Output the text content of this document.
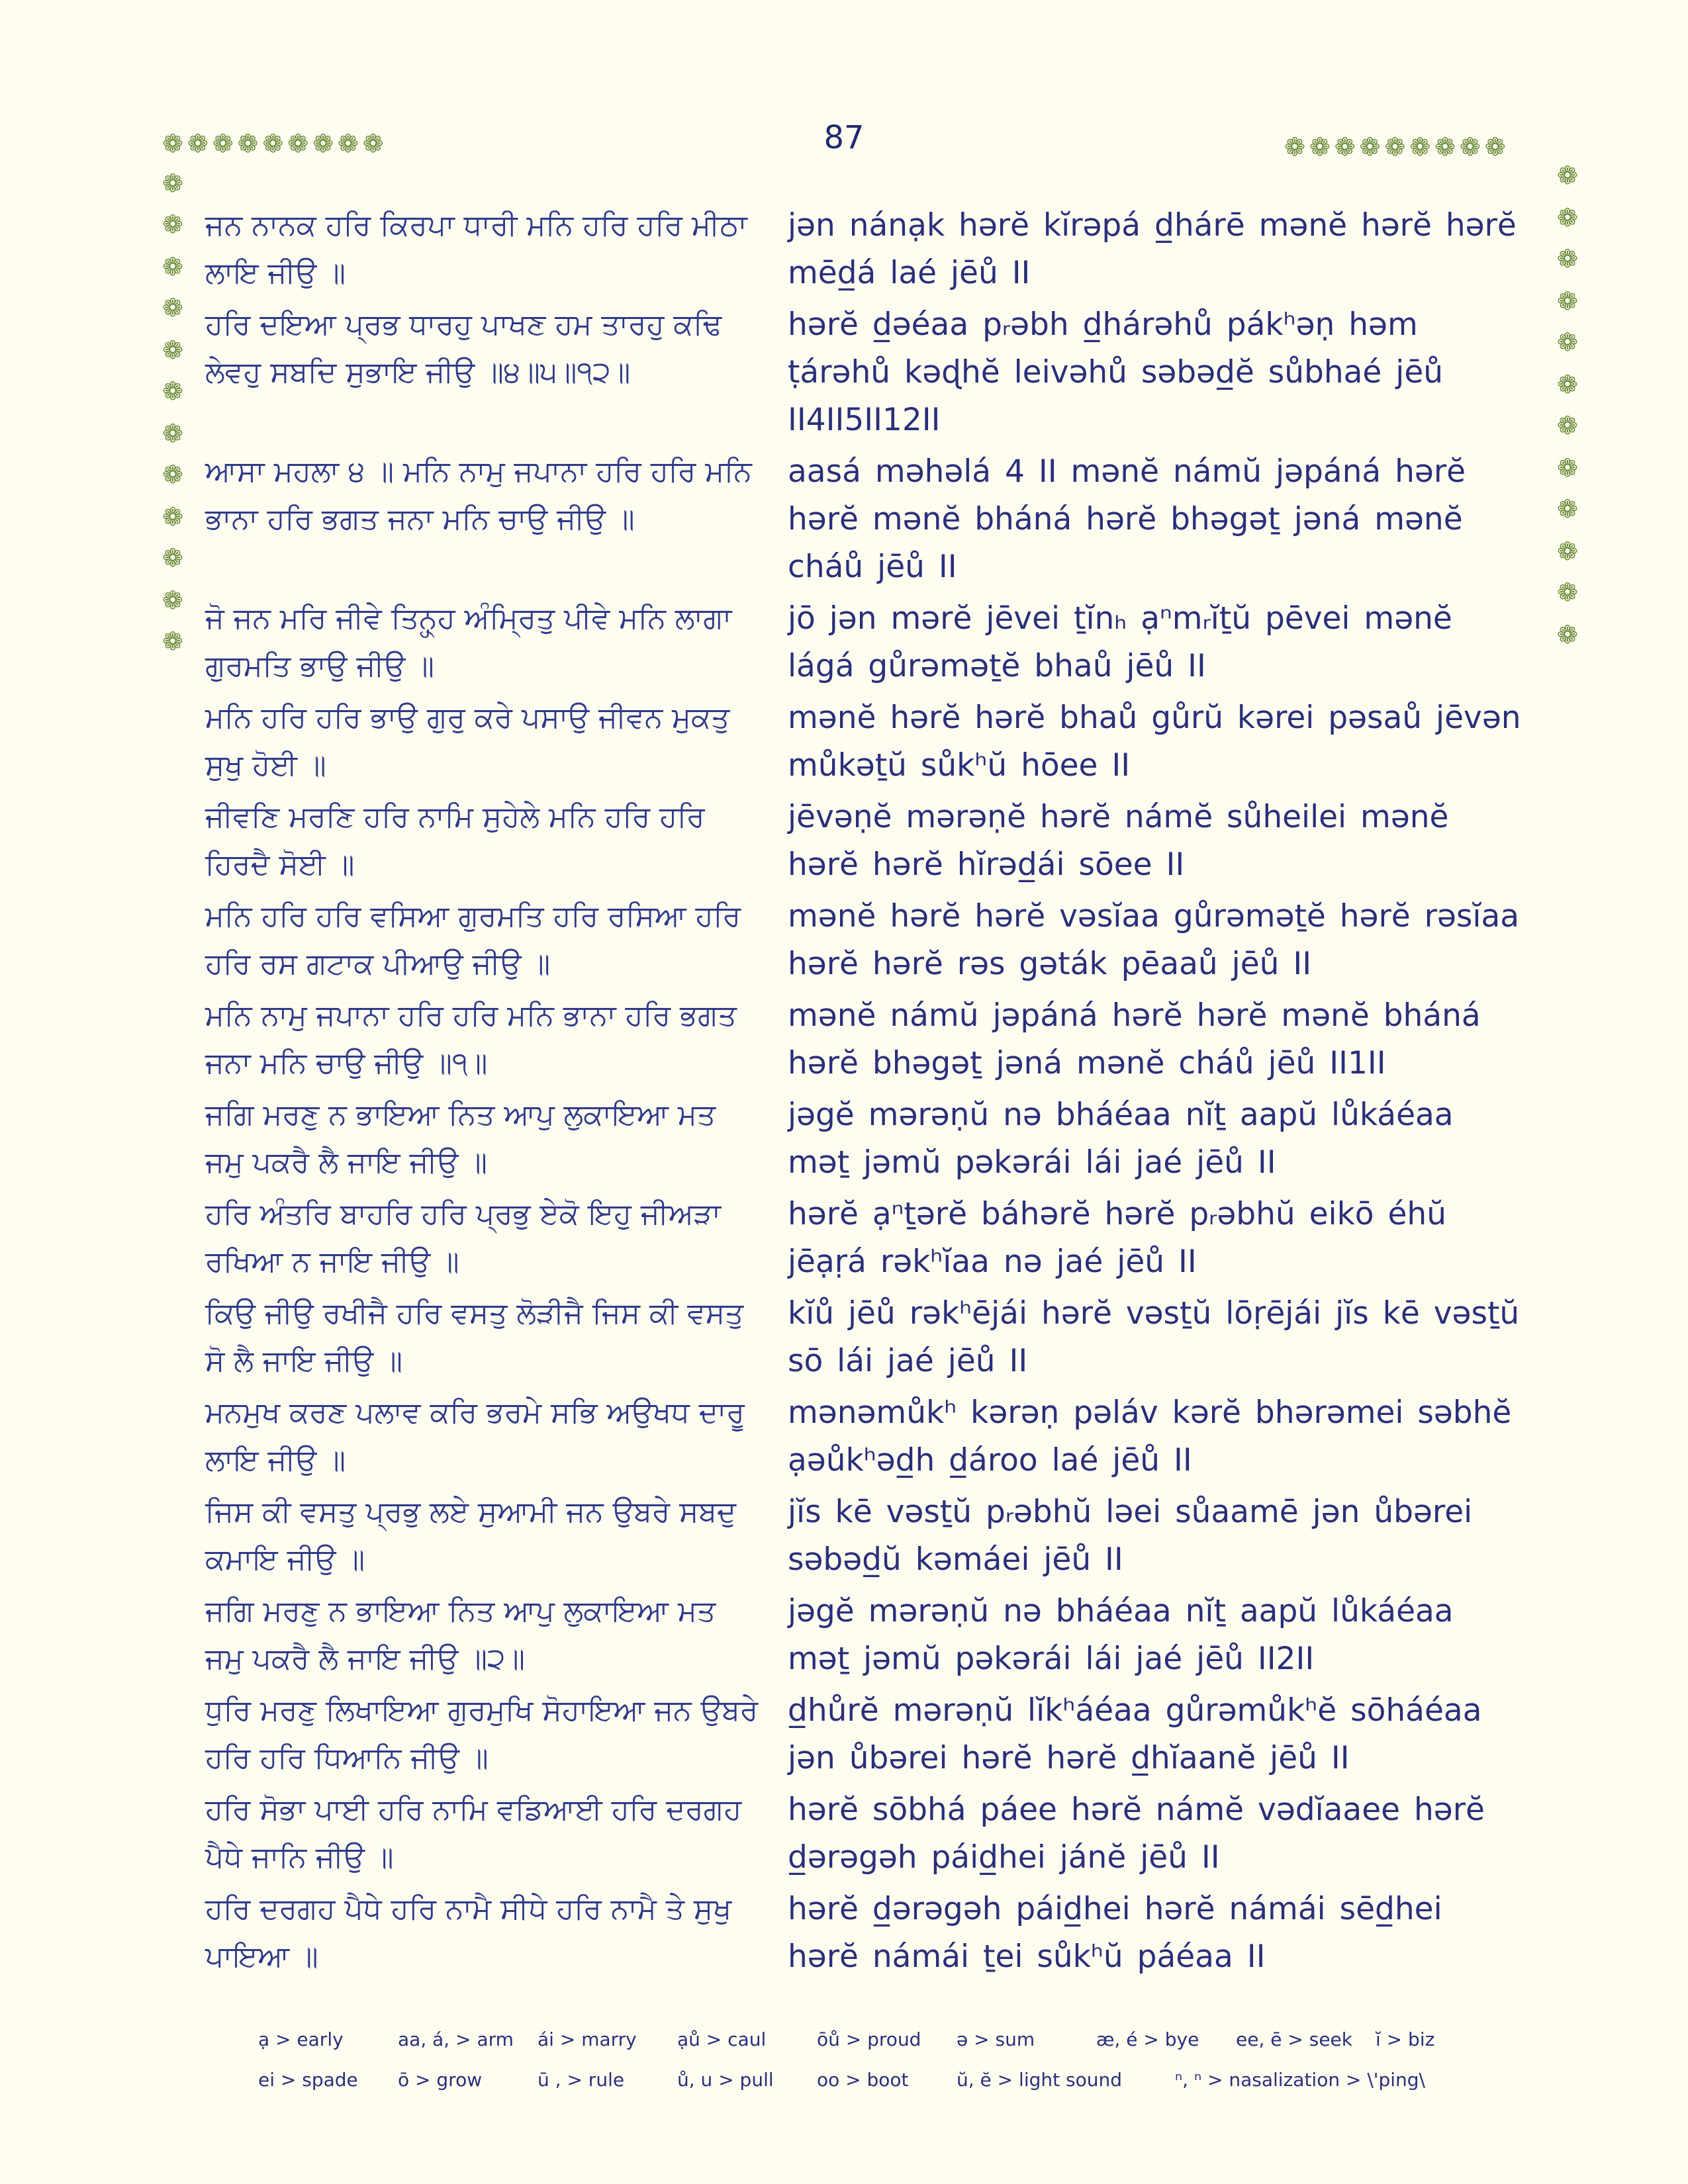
87
❁ ❁ ❁ ❁ ❁ ❁ ❁ ❁ ❁	❁ ❁ ❁ ❁ ❁ ❁ ❁ ❁ ❁
❁
❁
❁
❁
❁
❁
❁
❁
❁
❁
❁
❁
❁
❁
❁
❁
❁
❁
❁
❁
❁
❁
❁
❁
ਜਨ ਨਾਨਕ ਹਰਿ ਕਿਰਪਾ ਧਾਰੀ ਮਨਿ ਹਰਿ ਹਰਿ ਮੀਠਾ ਲਾਇ ਜੀਉ ॥
jən nánạk hərĕ kĭrəpá d̲hárē mənĕ hərĕ hərĕ mēd̲á laé jēů II
ਹਰਿ ਦਇਆ ਪ੍ਰਭ ਧਾਰਹੁ ਪਾਖਣ ਹਮ ਤਾਰਹੁ ਕਢਿ ਲੇਵਹੁ ਸਬਦਿ ਸੁਭਾਇ ਜੀਉ ॥੪॥੫॥੧੨॥
hərĕ d̲əéaa pᵣəbh d̲hárəhů pákʰəṇ həm ṭárəhů kəɖhĕ leivəhů səbəd̲ĕ sůbhaé jēů II4II5II12II
ਆਸਾ ਮਹਲਾ ੪ ॥ ਮਨਿ ਨਾਮੁ ਜਪਾਨਾ ਹਰਿ ਹਰਿ ਮਨਿ ਭਾਨਾ ਹਰਿ ਭਗਤ ਜਨਾ ਮਨਿ ਚਾਉ ਜੀਉ ॥
aasá məhəlá 4 II mənĕ námŭ jəpáná hərĕ hərĕ mənĕ bháná hərĕ bhəgəṯ jəná mənĕ cháů jēů II
ਜੋ ਜਨ ਮਰਿ ਜੀਵੇ ਤਿਨ੍ਹ੍ਹ ਅੰਮ੍ਰਿਤੁ ਪੀਵੇ ਮਨਿ ਲਾਗਾ ਗੁਰਮਤਿ ਭਾਉ ਜੀਉ ॥
jō jən mərĕ jēvei ṯĭnₕ ạⁿmᵣĭṯŭ pēvei mənĕ lágá gůrəməṯĕ bhaů jēů II
ਮਨਿ ਹਰਿ ਹਰਿ ਭਾਉ ਗੁਰੁ ਕਰੇ ਪਸਾਉ ਜੀਵਨ ਮੁਕਤੁ ਸੁਖੁ ਹੋਈ ॥
mənĕ hərĕ hərĕ bhaů gůrŭ kərei pəsaů jēvən můkəṯŭ sůkʰŭ hōee II
ਜੀਵਣਿ ਮਰਣਿ ਹਰਿ ਨਾਮਿ ਸੁਹੇਲੇ ਮਨਿ ਹਰਿ ਹਰਿ ਹਿਰਦੈ ਸੋਈ ॥
jēvəṇĕ mərəṇĕ hərĕ námĕ sůheilei mənĕ hərĕ hərĕ hĭrəd̲ái sōee II
ਮਨਿ ਹਰਿ ਹਰਿ ਵਸਿਆ ਗੁਰਮਤਿ ਹਰਿ ਰਸਿਆ ਹਰਿ ਹਰਿ ਰਸ ਗਟਾਕ ਪੀਆਉ ਜੀਉ ॥
mənĕ hərĕ hərĕ vəsĭaa gůrəməṯĕ hərĕ rəsĭaa hərĕ hərĕ rəs gəták pēaaů jēů II
ਮਨਿ ਨਾਮੁ ਜਪਾਨਾ ਹਰਿ ਹਰਿ ਮਨਿ ਭਾਨਾ ਹਰਿ ਭਗਤ ਜਨਾ ਮਨਿ ਚਾਉ ਜੀਉ ॥੧॥
mənĕ námŭ jəpáná hərĕ hərĕ mənĕ bháná hərĕ bhəgəṯ jəná mənĕ cháů jēů II1II
ਜਗਿ ਮਰਣੁ ਨ ਭਾਇਆ ਨਿਤ ਆਪੁ ਲੁਕਾਇਆ ਮਤ ਜਮੁ ਪਕਰੈ ਲੈ ਜਾਇ ਜੀਉ ॥
jəgĕ mərəṇŭ nə bháéaa nĭṯ aapŭ lůkáéaa məṯ jəmŭ pəkərái lái jaé jēů II
ਹਰਿ ਅੰਤਰਿ ਬਾਹਰਿ ਹਰਿ ਪ੍ਰਭੁ ਏਕੋ ਇਹੁ ਜੀਅੜਾ ਰਖਿਆ ਨ ਜਾਇ ਜੀਉ ॥
hərĕ ạⁿṯərĕ báhərĕ hərĕ pᵣəbhŭ eikō éhŭ jēạṛá rəkʰĭaa nə jaé jēů II
ਕਿਉ ਜੀਉ ਰਖੀਜੈ ਹਰਿ ਵਸਤੁ ਲੋੜੀਜੈ ਜਿਸ ਕੀ ਵਸਤੁ ਸੋ ਲੈ ਜਾਇ ਜੀਉ ॥
kĭů jēů rəkʰējái hərĕ vəsṯŭ lōṛējái jĭs kē vəsṯŭ sō lái jaé jēů II
ਮਨਮੁਖ ਕਰਣ ਪਲਾਵ ਕਰਿ ਭਰਮੇ ਸਭਿ ਅਉਖਧ ਦਾਰੂ ਲਾਇ ਜੀਉ ॥
mənəmůkʰ kərəṇ pəláv kərĕ bhərəmei səbhĕ ạəůkʰəd̲h d̲ároo laé jēů II
ਜਿਸ ਕੀ ਵਸਤੁ ਪ੍ਰਭੁ ਲਏ ਸੁਆਮੀ ਜਨ ਉਬਰੇ ਸਬਦੁ ਕਮਾਇ ਜੀਉ ॥
jĭs kē vəsṯŭ pᵣəbhŭ ləei sůaamē jən ůbərei səbəd̲ŭ kəmáei jēů II
ਜਗਿ ਮਰਣੁ ਨ ਭਾਇਆ ਨਿਤ ਆਪੁ ਲੁਕਾਇਆ ਮਤ ਜਮੁ ਪਕਰੈ ਲੈ ਜਾਇ ਜੀਉ ॥੨॥
jəgĕ mərəṇŭ nə bháéaa nĭṯ aapŭ lůkáéaa məṯ jəmŭ pəkərái lái jaé jēů II2II
ਧੁਰਿ ਮਰਣੁ ਲਿਖਾਇਆ ਗੁਰਮੁਖਿ ਸੋਹਾਇਆ ਜਨ ਉਬਰੇ ਹਰਿ ਹਰਿ ਧਿਆਨਿ ਜੀਉ ॥
d̲hůrĕ mərəṇŭ lĭkʰáéaa gůrəmůkʰĕ sōháéaa jən ůbərei hərĕ hərĕ d̲hĭaanĕ jēů II
ਹਰਿ ਸੋਭਾ ਪਾਈ ਹਰਿ ਨਾਮਿ ਵਡਿਆਈ ਹਰਿ ਦਰਗਹ ਪੈਧੇ ਜਾਨਿ ਜੀਉ ॥
hərĕ sōbhá páee hərĕ námĕ vədĭaaee hərĕ d̲ərəgəh páid̲hei jánĕ jēů II
ਹਰਿ ਦਰਗਹ ਪੈਧੇ ਹਰਿ ਨਾਮੈ ਸੀਧੇ ਹਰਿ ਨਾਮੈ ਤੇ ਸੁਖੁ ਪਾਇਆ ॥
hərĕ d̲ərəgəh páid̲hei hərĕ námái sēd̲hei hərĕ námái ṯei sůkʰŭ páéaa II
ạ > early	aa, á, > arm	ái > marry	ạů > caul	ōů > proud	ə > sum	æ, é > bye	ee, ē > seek	ĭ > biz
ei > spade	ō > grow	ū , > rule	ů, u > pull	oo > boot	ŭ, ĕ > light sound	ⁿ, ⁿ > nasalization > \'ping\
